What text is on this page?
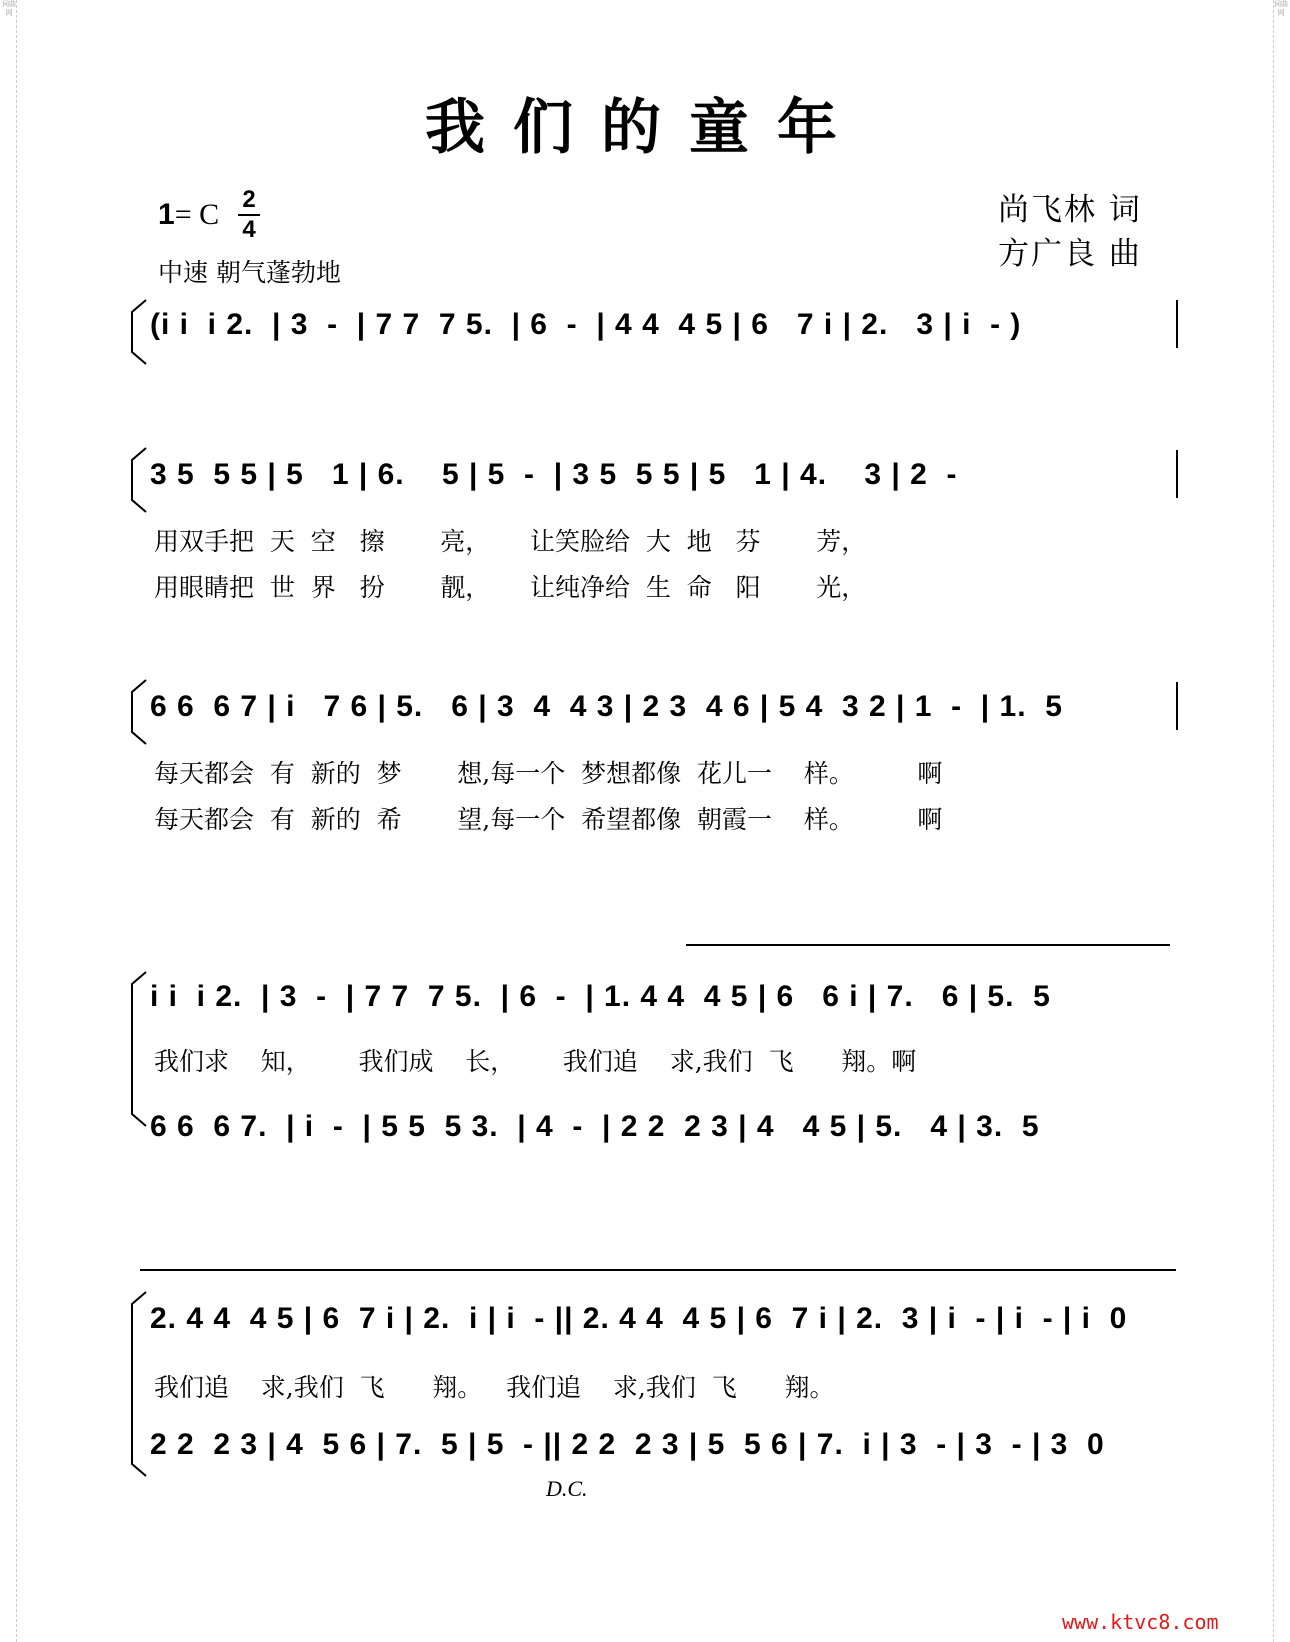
词曲网
词曲网
我们的童年
1= C 2
4
中速 朝气蓬勃地
尚飞林 词
方广良 曲
(i i  i 2.  | 3  -  | 7 7  7 5.  | 6  -  | 4 4  4 5 | 6   7 i | 2.   3 | i  - )
3 5  5 5 | 5   1 | 6.    5 | 5  -  | 3 5  5 5 | 5   1 | 4.    3 | 2  -
用双手把  天  空   擦       亮，     让笑脸给  大  地   芬       芳，
用眼睛把  世  界   扮       靓，     让纯净给  生  命   阳       光，
6 6  6 7 | i   7 6 | 5.   6 | 3  4  4 3 | 2 3  4 6 | 5 4  3 2 | 1  -  | 1.  5
每天都会  有  新的  梦       想,每一个  梦想都像  花儿一    样。        啊
每天都会  有  新的  希       望,每一个  希望都像  朝霞一    样。        啊
i i  i 2.  | 3  -  | 7 7  7 5.  | 6  -  | 1. 4 4  4 5 | 6   6 i | 7.   6 | 5.  5
我们求    知，      我们成    长，      我们追    求,我们  飞      翔。啊
6 6  6 7.  | i  -  | 5 5  5 3.  | 4  -  | 2 2  2 3 | 4   4 5 | 5.   4 | 3.  5
2. 4 4  4 5 | 6  7 i | 2.  i | i  - || 2. 4 4  4 5 | 6  7 i | 2.  3 | i  - | i  - | i  0
我们追    求,我们  飞      翔。   我们追    求,我们  飞      翔。
2 2  2 3 | 4  5 6 | 7.  5 | 5  - || 2 2  2 3 | 5  5 6 | 7.  i | 3  - | 3  - | 3  0
D.C.
www.ktvc8.com
